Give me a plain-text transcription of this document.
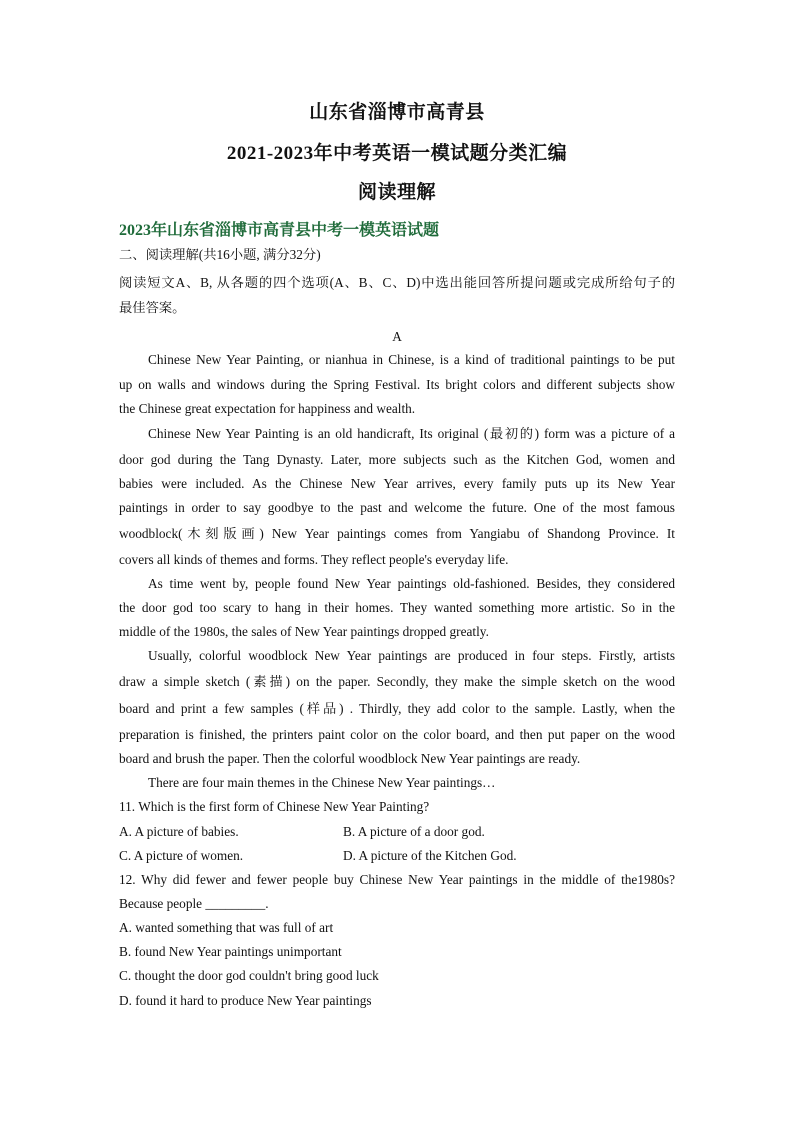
山东省淄博市高青县
2021-2023年中考英语一模试题分类汇编
阅读理解
2023年山东省淄博市高青县中考一模英语试题
二、阅读理解(共16小题, 满分32分)
阅读短文A、B, 从各题的四个选项(A、B、C、D)中选出能回答所提问题或完成所给句子的
最佳答案。
A
Chinese New Year Painting, or nianhua in Chinese, is a kind of traditional paintings to be put
up on walls and windows during the Spring Festival. Its bright colors and different subjects show
the Chinese great expectation for happiness and wealth.
Chinese New Year Painting is an old handicraft, Its original (最初的) form was a picture of a
door god during the Tang Dynasty. Later, more subjects such as the Kitchen God, women and
babies were included. As the Chinese New Year arrives, every family puts up its New Year
paintings in order to say goodbye to the past and welcome the future. One of the most famous
woodblock(木刻版画) New Year paintings comes from Yangiabu of Shandong Province. It
covers all kinds of themes and forms. They reflect people's everyday life.
As time went by, people found New Year paintings old-fashioned. Besides, they considered
the door god too scary to hang in their homes. They wanted something more artistic. So in the
middle of the 1980s, the sales of New Year paintings dropped greatly.
Usually, colorful woodblock New Year paintings are produced in four steps. Firstly, artists
draw a simple sketch (素描) on the paper. Secondly, they make the simple sketch on the wood
board and print a few samples (样品) . Thirdly, they add color to the sample. Lastly, when the
preparation is finished, the printers paint color on the color board, and then put paper on the wood
board and brush the paper. Then the colorful woodblock New Year paintings are ready.
There are four main themes in the Chinese New Year paintings…
11. Which is the first form of Chinese New Year Painting?
A. A picture of babies.	B. A picture of a door god.
C. A picture of women.	D. A picture of the Kitchen God.
12. Why did fewer and fewer people buy Chinese New Year paintings in the middle of the1980s?
Because people _________.
A. wanted something that was full of art
B. found New Year paintings unimportant
C. thought the door god couldn't bring good luck
D. found it hard to produce New Year paintings
